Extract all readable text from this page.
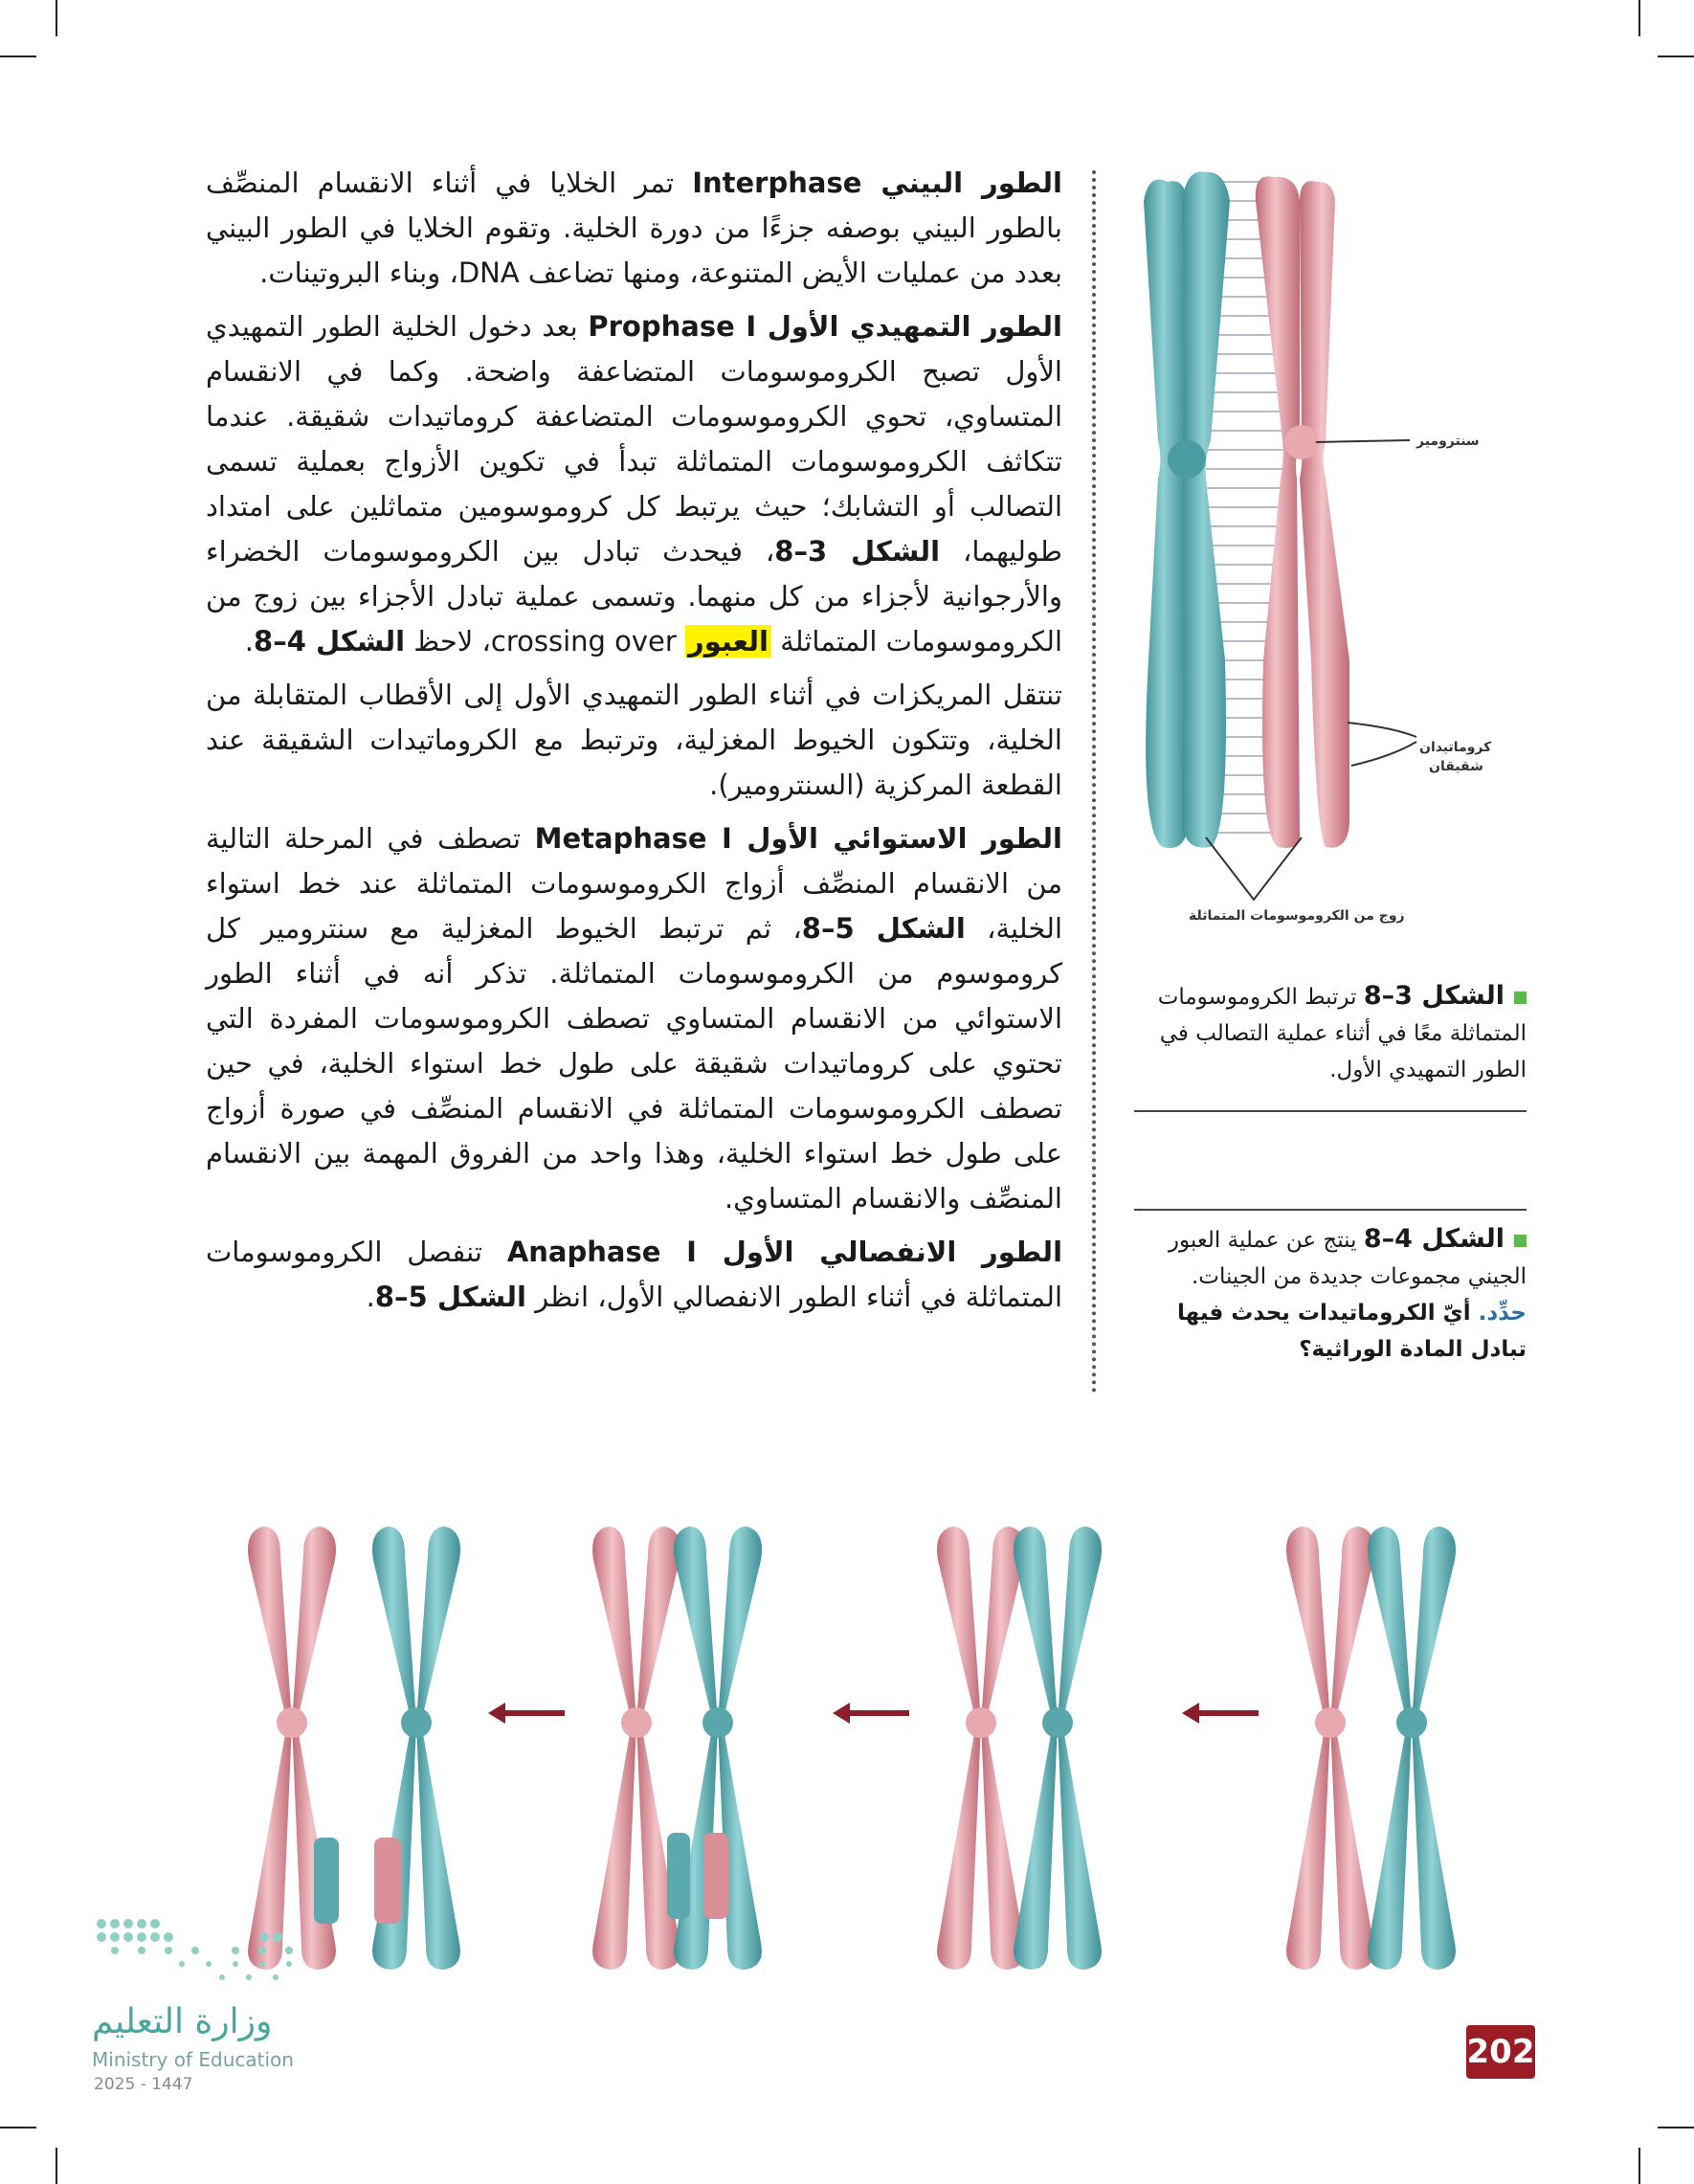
الطور البيني Interphase تمر الخلايا في أثناء الانقسام المنصِّف بالطور البيني بوصفه جزءًا من دورة الخلية. وتقوم الخلايا في الطور البيني بعدد من عمليات الأيض المتنوعة، ومنها تضاعف DNA، وبناء البروتينات.

الطور التمهيدي الأول Prophase I بعد دخول الخلية الطور التمهيدي الأول تصبح الكروموسومات المتضاعفة واضحة. وكما في الانقسام المتساوي، تحوي الكروموسومات المتضاعفة كروماتيدات شقيقة. عندما تتكاثف الكروموسومات المتماثلة تبدأ في تكوين الأزواج بعملية تسمى التصالب أو التشابك؛ حيث يرتبط كل كروموسومين متماثلين على امتداد طوليهما، الشكل 3–8، فيحدث تبادل بين الكروموسومات الخضراء والأرجوانية لأجزاء من كل منهما. وتسمى عملية تبادل الأجزاء بين زوج من الكروموسومات المتماثلة العبور crossing over، لاحظ الشكل 4–8.

تنتقل المريكزات في أثناء الطور التمهيدي الأول إلى الأقطاب المتقابلة من الخلية، وتتكون الخيوط المغزلية، وترتبط مع الكروماتيدات الشقيقة عند القطعة المركزية (السنترومير).

الطور الاستوائي الأول Metaphase I تصطف في المرحلة التالية من الانقسام المنصِّف أزواج الكروموسومات المتماثلة عند خط استواء الخلية، الشكل 5–8، ثم ترتبط الخيوط المغزلية مع سنترومير كل كروموسوم من الكروموسومات المتماثلة. تذكر أنه في أثناء الطور الاستوائي من الانقسام المتساوي تصطف الكروموسومات المفردة التي تحتوي على كروماتيدات شقيقة على طول خط استواء الخلية، في حين تصطف الكروموسومات المتماثلة في الانقسام المنصِّف في صورة أزواج على طول خط استواء الخلية، وهذا واحد من الفروق المهمة بين الانقسام المنصِّف والانقسام المتساوي.

الطور الانفصالي الأول Anaphase I تنفصل الكروموسومات المتماثلة في أثناء الطور الانفصالي الأول، انظر الشكل 5–8.

سنترومير
كروماتيدان
شقيقان
زوج من الكروموسومات المتماثلة
الشكل 3–8 ترتبط الكروموسومات المتماثلة معًا في أثناء عملية التصالب في الطور التمهيدي الأول.
الشكل 4–8 ينتج عن عملية العبور الجيني مجموعات جديدة من الجينات.
حدِّد. أيّ الكروماتيدات يحدث فيها تبادل المادة الوراثية؟
وزارة التعليم
Ministry of Education
2025 - 1447
202
